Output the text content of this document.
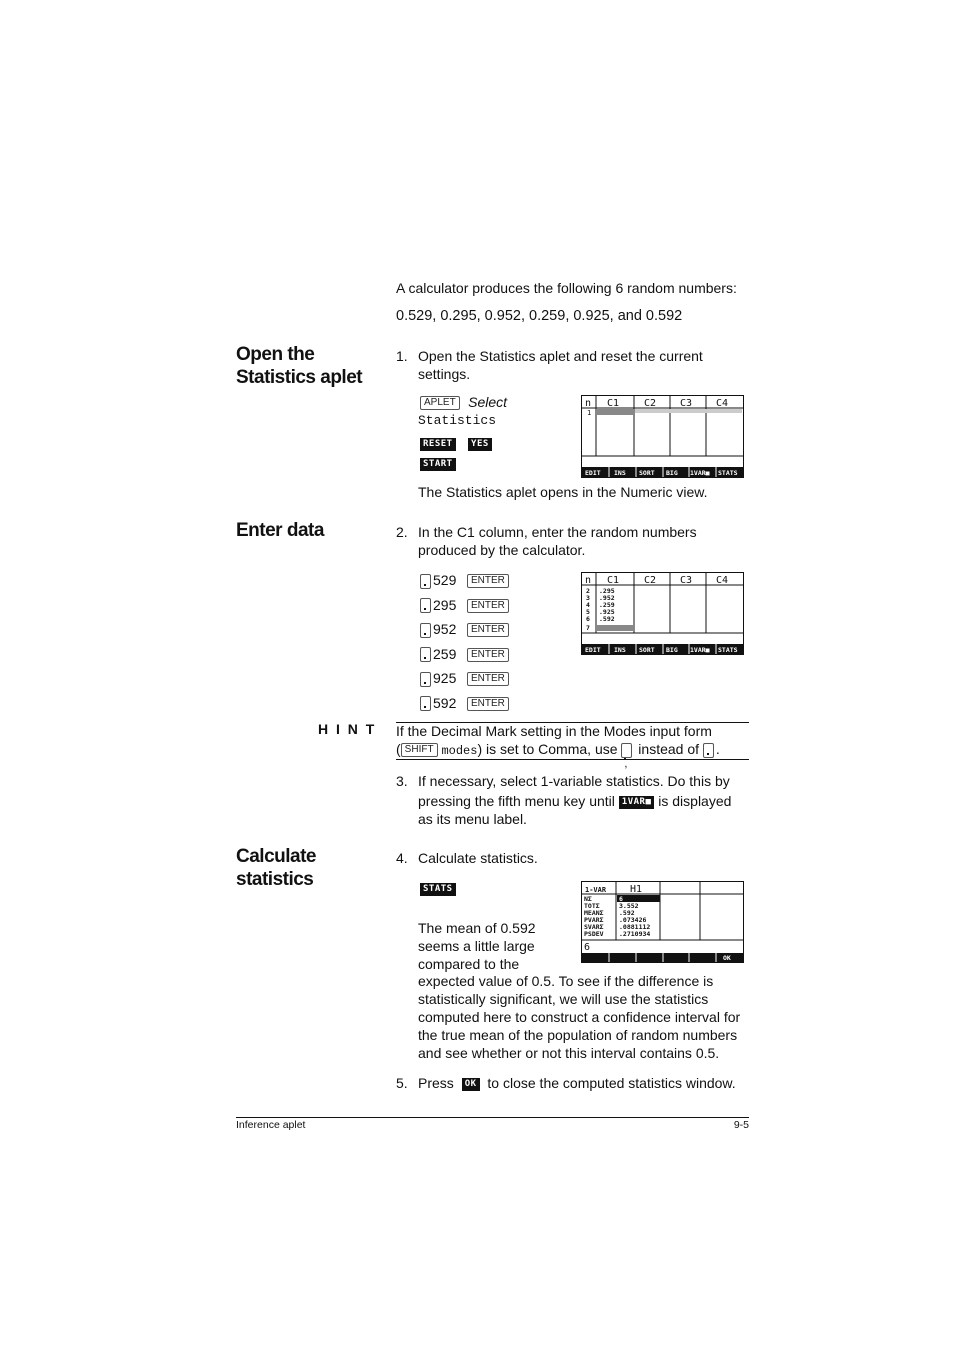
A calculator produces the following 6 random numbers:
0.529, 0.295, 0.952, 0.259, 0.925, and 0.592
Open the
Statistics aplet
1. Open the Statistics aplet and reset the current
settings.
APLET Select
Statistics
RESET YES
START
n C1 C2 C3 C4
1
EDIT INS SORT BIG 1VAR■ STATS
The Statistics aplet opens in the Numeric view.
Enter data	2. In the C1 column, enter the random numbers
produced by the calculator.
529 ENTER
295 ENTER
952 ENTER
259 ENTER
925 ENTER
592 ENTER
n C1 C2 C3 C4
2 .295
3 .952
4 .259
5 .925
6 .592
7
EDIT INS SORT BIG 1VAR■ STATS
H I N T If the Decimal Mark setting in the Modes input form
( SHIFT modes) is set to Comma, use , instead of .
3. If necessary, select 1-variable statistics. Do this by
pressing the fifth menu key until 1VAR■ is displayed
as its menu label.
Calculate
statistics
4. Calculate statistics.
STATS	1-VAR H1
NΣ	6
TOTΣ	3.552
MEANΣ .592
PVARΣ .073426
SVARΣ .0881112
PSDEV .2710934
6
OK
The mean of 0.592
seems a little large
compared to the
expected value of 0.5. To see if the difference is
statistically significant, we will use the statistics
computed here to construct a confidence interval for
the true mean of the population of random numbers
and see whether or not this interval contains 0.5.
5. Press OK to close the computed statistics window.
Inference aplet	9-5
